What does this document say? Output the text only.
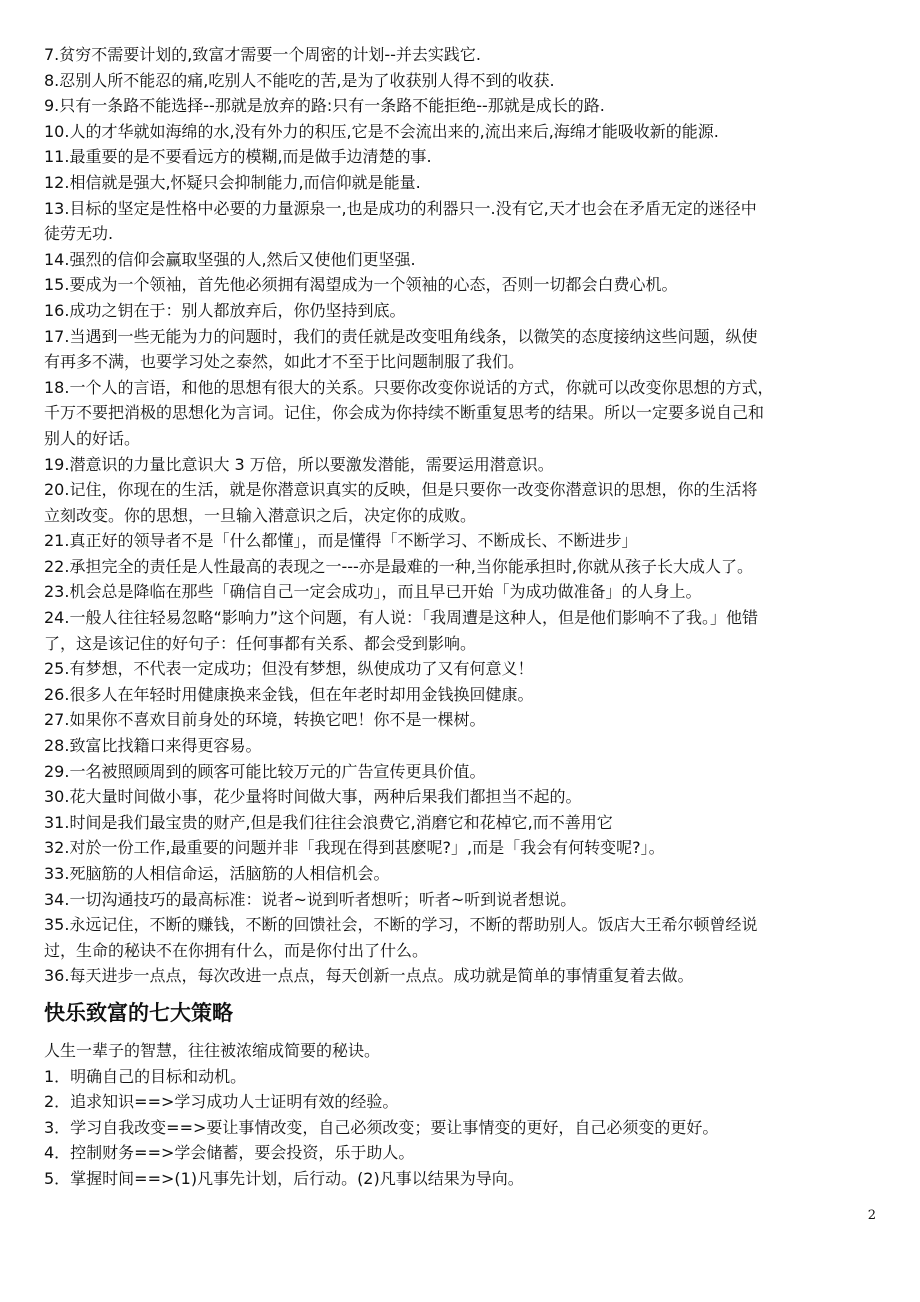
7.贫穷不需要计划的,致富才需要一个周密的计划--并去实践它.

8.忍别人所不能忍的痛,吃别人不能吃的苦,是为了收获别人得不到的收获.

9.只有一条路不能选择--那就是放弃的路:只有一条路不能拒绝--那就是成长的路.

10.人的才华就如海绵的水,没有外力的积压,它是不会流出来的,流出来后,海绵才能吸收新的能源.

11.最重要的是不要看远方的模糊,而是做手边清楚的事.

12.相信就是强大,怀疑只会抑制能力,而信仰就是能量.

13.目标的坚定是性格中必要的力量源泉一,也是成功的利器只一.没有它,天才也会在矛盾无定的迷径中

徒劳无功.

14.强烈的信仰会赢取坚强的人,然后又使他们更坚强.

15.要成为一个领袖，首先他必须拥有渴望成为一个领袖的心态，否则一切都会白费心机。

16.成功之钥在于：别人都放弃后，你仍坚持到底。

17.当遇到一些无能为力的问题时，我们的责任就是改变咀角线条，以微笑的态度接纳这些问题，纵使

有再多不满，也要学习处之泰然，如此才不至于比问题制服了我们。

18.一个人的言语，和他的思想有很大的关系。只要你改变你说话的方式，你就可以改变你思想的方式，

千万不要把消极的思想化为言词。记住，你会成为你持续不断重复思考的结果。所以一定要多说自己和

别人的好话。

19.潜意识的力量比意识大 3 万倍，所以要激发潜能，需要运用潜意识。

20.记住，你现在的生活，就是你潜意识真实的反映，但是只要你一改变你潜意识的思想，你的生活将

立刻改变。你的思想，一旦输入潜意识之后，决定你的成败。

21.真正好的领导者不是「什么都懂」，而是懂得「不断学习、不断成长、不断进步」

22.承担完全的责任是人性最高的表现之一---亦是最难的一种,当你能承担时,你就从孩子长大成人了。

23.机会总是降临在那些「确信自己一定会成功」，而且早已开始「为成功做准备」的人身上。

24.一般人往往轻易忽略“影响力”这个问题，有人说：「我周遭是这种人，但是他们影响不了我。」他错

了，这是该记住的好句子：任何事都有关系、都会受到影响。

25.有梦想，不代表一定成功；但没有梦想，纵使成功了又有何意义！

26.很多人在年轻时用健康换来金钱，但在年老时却用金钱换回健康。

27.如果你不喜欢目前身处的环境，转换它吧！你不是一棵树。

28.致富比找籍口来得更容易。

29.一名被照顾周到的顾客可能比较万元的广告宣传更具价值。

30.花大量时间做小事，花少量将时间做大事，两种后果我们都担当不起的。

31.时间是我们最宝贵的财产,但是我们往往会浪费它,消磨它和花棹它,而不善用它

32.对於一份工作,最重要的问题并非「我现在得到甚麽呢?」,而是「我会有何转变呢?」。

33.死脑筋的人相信命运，活脑筋的人相信机会。

34.一切沟通技巧的最高标准：说者~说到听者想听；听者~听到说者想说。

35.永远记住，不断的赚钱，不断的回馈社会，不断的学习，不断的帮助别人。饭店大王希尔顿曾经说

过，生命的秘诀不在你拥有什么，而是你付出了什么。

36.每天进步一点点，每次改进一点点，每天创新一点点。成功就是简单的事情重复着去做。

快乐致富的七大策略

人生一辈子的智慧，往往被浓缩成简要的秘诀。

1．明确自己的目标和动机。

2．追求知识==>学习成功人士证明有效的经验。

3．学习自我改变==>要让事情改变，自己必须改变；要让事情变的更好，自己必须变的更好。

4．控制财务==>学会储蓄，要会投资，乐于助人。

5．掌握时间==>(1)凡事先计划，后行动。(2)凡事以结果为导向。

2
